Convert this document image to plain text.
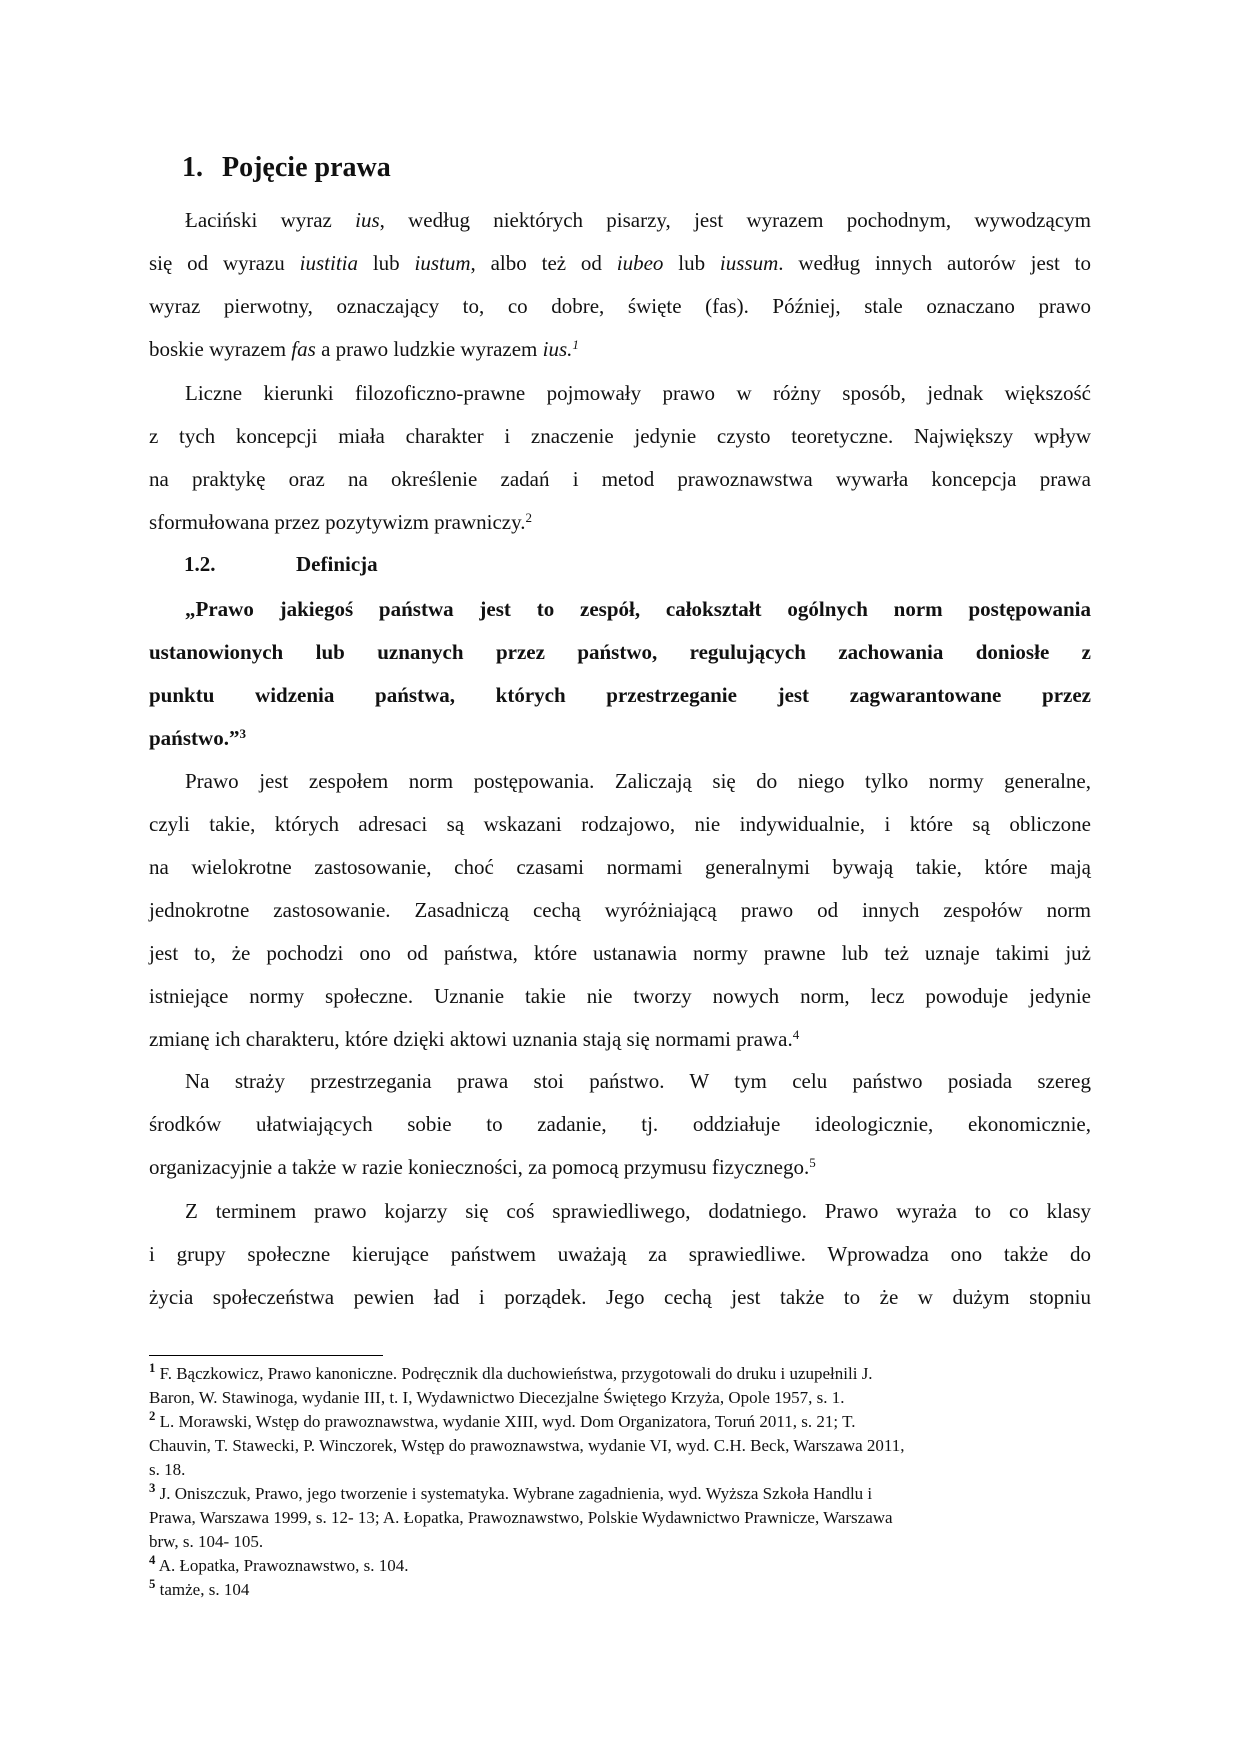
1. Pojęcie prawa
Łaciński wyraz ius, według niektórych pisarzy, jest wyrazem pochodnym, wywodzącym
się od wyrazu iustitia lub iustum, albo też od iubeo lub iussum. według innych autorów jest to
wyraz pierwotny, oznaczający to, co dobre, święte (fas). Później, stale oznaczano prawo
boskie wyrazem fas a prawo ludzkie wyrazem ius.$^1$
Liczne kierunki filozoficzno-prawne pojmowały prawo w różny sposób, jednak większość
z tych koncepcji miała charakter i znaczenie jedynie czysto teoretyczne. Największy wpływ
na praktykę oraz na określenie zadań i metod prawoznawstwa wywarła koncepcja prawa
sformułowana przez pozytywizm prawniczy.$^2$
1.2.	Definicja
„Prawo jakiegoś państwa jest to zespół, całokształt ogólnych norm postępowania
ustanowionych lub uznanych przez państwo, regulujących zachowania doniosłe z
punktu widzenia państwa, których przestrzeganie jest zagwarantowane przez
państwo.”$^3$
Prawo jest zespołem norm postępowania. Zaliczają się do niego tylko normy generalne,
czyli takie, których adresaci są wskazani rodzajowo, nie indywidualnie, i które są obliczone
na wielokrotne zastosowanie, choć czasami normami generalnymi bywają takie, które mają
jednokrotne zastosowanie. Zasadniczą cechą wyróżniającą prawo od innych zespołów norm
jest to, że pochodzi ono od państwa, które ustanawia normy prawne lub też uznaje takimi już
istniejące normy społeczne. Uznanie takie nie tworzy nowych norm, lecz powoduje jedynie
zmianę ich charakteru, które dzięki aktowi uznania stają się normami prawa.$^4$
Na straży przestrzegania prawa stoi państwo. W tym celu państwo posiada szereg
środków ułatwiających sobie to zadanie, tj. oddziałuje ideologicznie, ekonomicznie,
organizacyjnie a także w razie konieczności, za pomocą przymusu fizycznego.$^5$
Z terminem prawo kojarzy się coś sprawiedliwego, dodatniego. Prawo wyraża to co klasy
i grupy społeczne kierujące państwem uważają za sprawiedliwe. Wprowadza ono także do
życia społeczeństwa pewien ład i porządek. Jego cechą jest także to że w dużym stopniu
$^1$ F. Bączkowicz, Prawo kanoniczne. Podręcznik dla duchowieństwa, przygotowali do druku i uzupełnili J.
Baron, W. Stawinoga, wydanie III, t. I, Wydawnictwo Diecezjalne Świętego Krzyża, Opole 1957, s. 1.
$^2$ L. Morawski, Wstęp do prawoznawstwa, wydanie XIII, wyd. Dom Organizatora, Toruń 2011, s. 21; T.
Chauvin, T. Stawecki, P. Winczorek, Wstęp do prawoznawstwa, wydanie VI, wyd. C.H. Beck, Warszawa 2011,
s. 18.
$^3$ J. Oniszczuk, Prawo, jego tworzenie i systematyka. Wybrane zagadnienia, wyd. Wyższa Szkoła Handlu i
Prawa, Warszawa 1999, s. 12- 13; A. Łopatka, Prawoznawstwo, Polskie Wydawnictwo Prawnicze, Warszawa
brw, s. 104- 105.
$^4$ A. Łopatka, Prawoznawstwo, s. 104.
$^5$ tamże, s. 104
